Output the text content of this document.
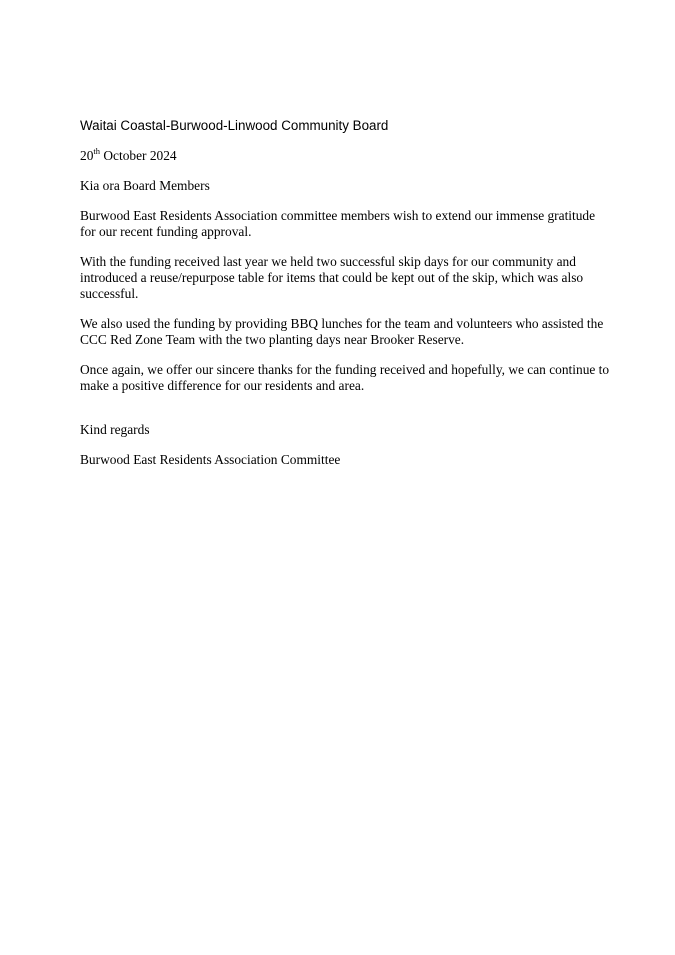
Waitai Coastal-Burwood-Linwood Community Board

20th October 2024

Kia ora Board Members

Burwood East Residents Association committee members wish to extend our immense gratitude for our recent funding approval.

With the funding received last year we held two successful skip days for our community and introduced a reuse/repurpose table for items that could be kept out of the skip, which was also successful.

We also used the funding by providing BBQ lunches for the team and volunteers who assisted the CCC Red Zone Team with the two planting days near Brooker Reserve.

Once again, we offer our sincere thanks for the funding received and hopefully, we can continue to make a positive difference for our residents and area.

Kind regards

Burwood East Residents Association Committee
